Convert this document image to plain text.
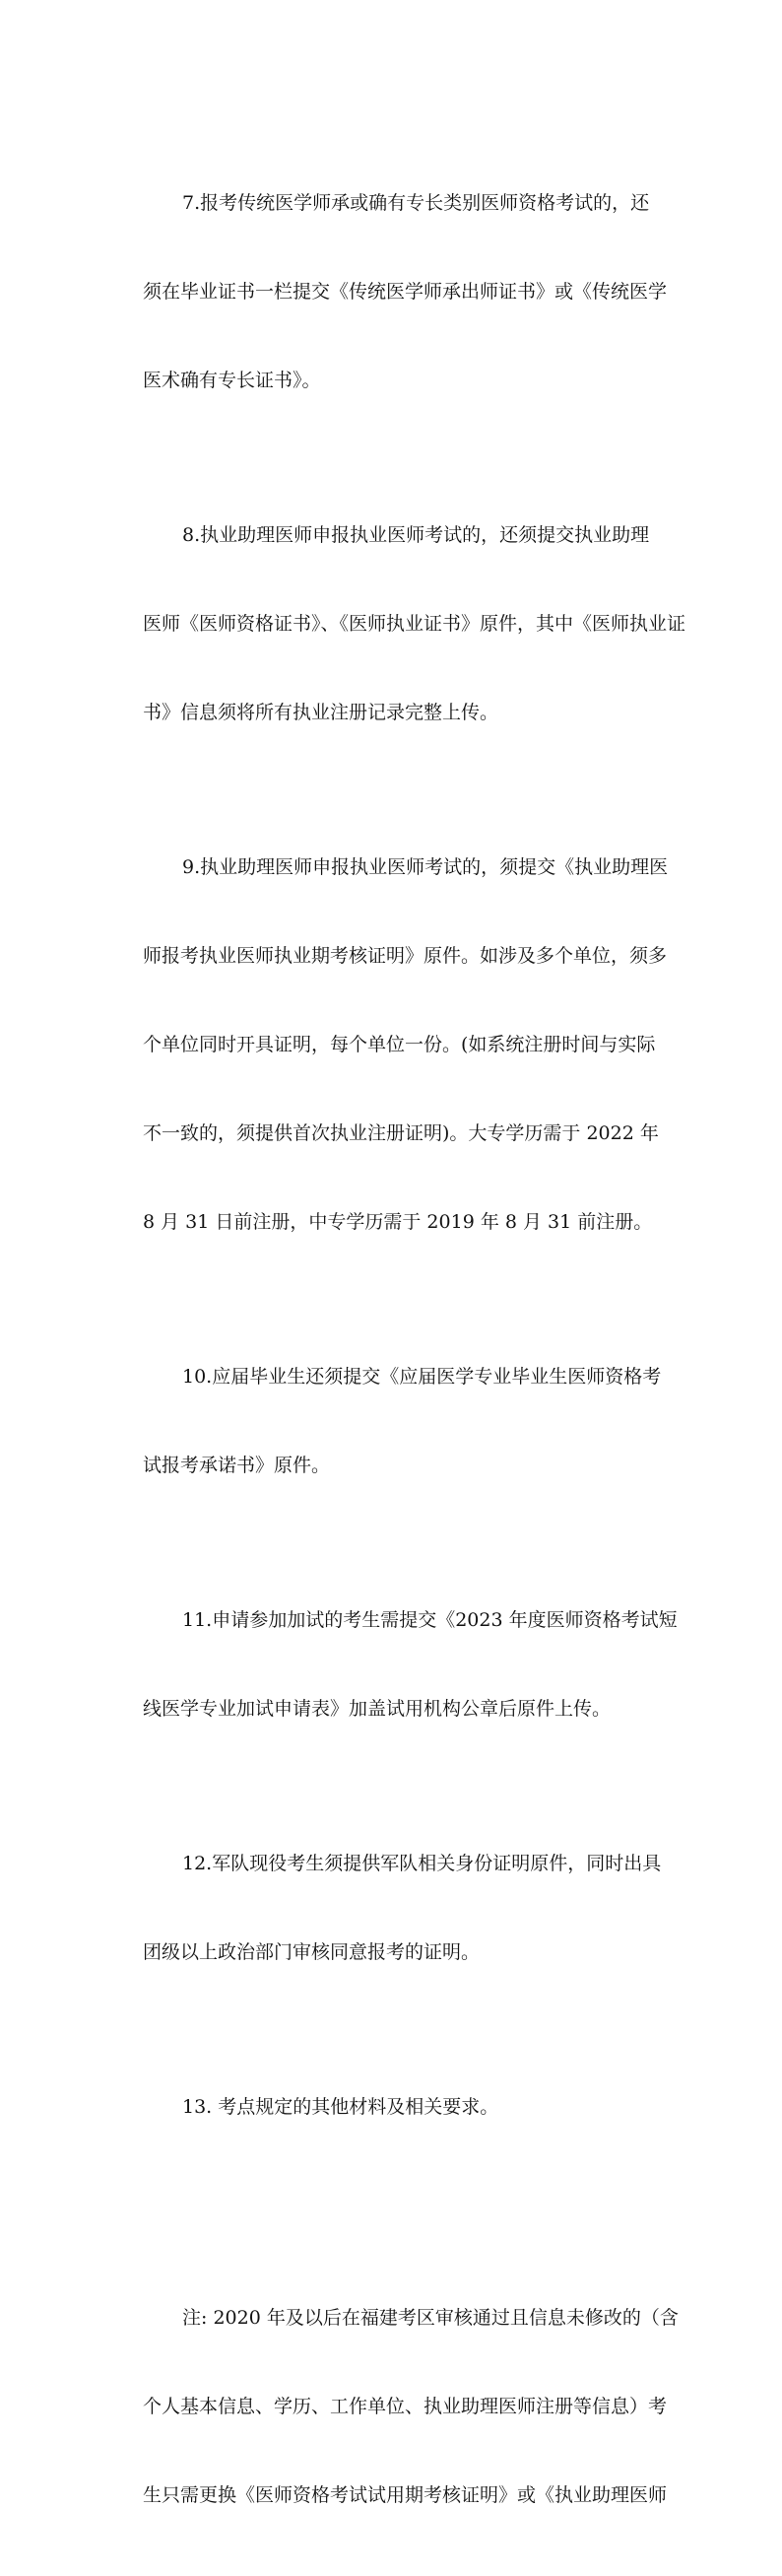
7.报考传统医学师承或确有专长类别医师资格考试的，还

须在毕业证书一栏提交《传统医学师承出师证书》或《传统医学

医术确有专长证书》。

8.执业助理医师申报执业医师考试的，还须提交执业助理

医师《医师资格证书》、《医师执业证书》原件，其中《医师执业证

书》信息须将所有执业注册记录完整上传。

9.执业助理医师申报执业医师考试的，须提交《执业助理医

师报考执业医师执业期考核证明》原件。如涉及多个单位，须多

个单位同时开具证明，每个单位一份。(如系统注册时间与实际

不一致的，须提供首次执业注册证明)。大专学历需于 2022 年

8 月 31 日前注册，中专学历需于 2019 年 8 月 31 前注册。

10.应届毕业生还须提交《应届医学专业毕业生医师资格考

试报考承诺书》原件。

11.申请参加加试的考生需提交《2023 年度医师资格考试短

线医学专业加试申请表》加盖试用机构公章后原件上传。

12.军队现役考生须提供军队相关身份证明原件，同时出具

团级以上政治部门审核同意报考的证明。

13. 考点规定的其他材料及相关要求。

注: 2020 年及以后在福建考区审核通过且信息未修改的（含

个人基本信息、学历、工作单位、执业助理医师注册等信息）考

生只需更换《医师资格考试试用期考核证明》或《执业助理医师
